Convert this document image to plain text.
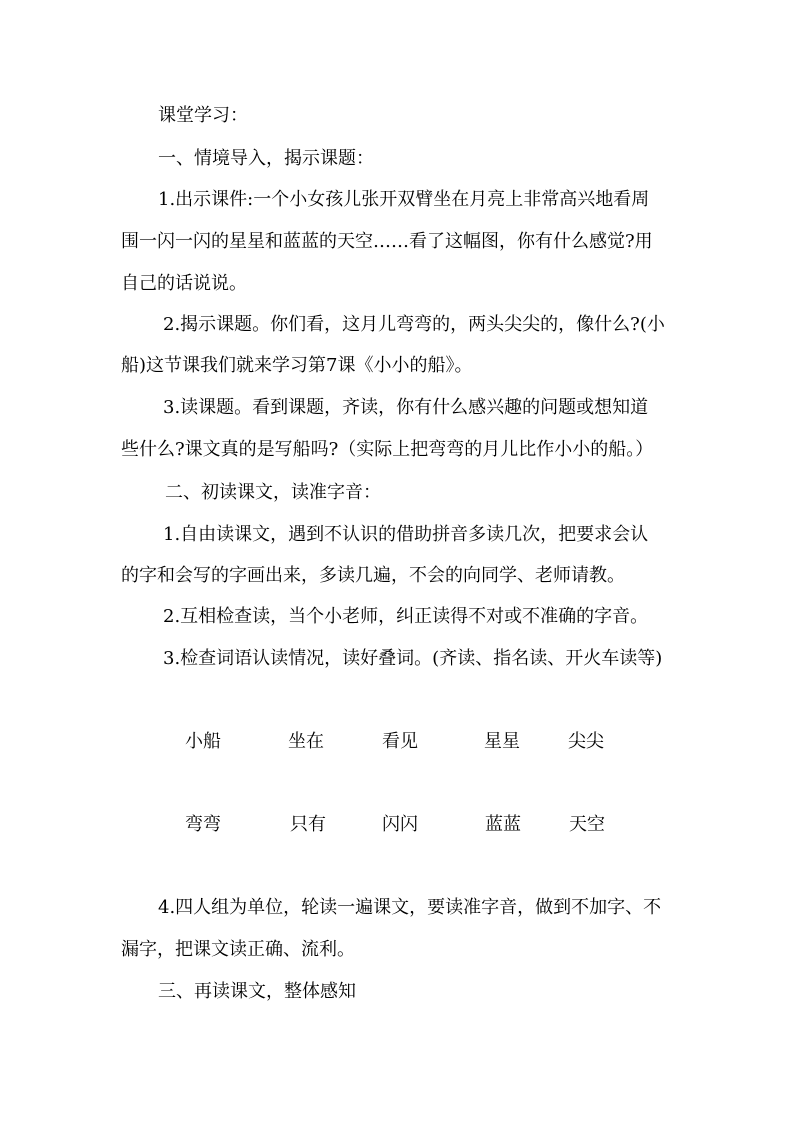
课堂学习：
一、情境导入，揭示课题：
1.出示课件:一个小女孩儿张开双臂坐在月亮上非常高兴地看周
围一闪一闪的星星和蓝蓝的天空……看了这幅图，你有什么感觉?用
自己的话说说。
2.揭示课题。你们看，这月儿弯弯的，两头尖尖的，像什么?(小
船)这节课我们就来学习第7课《小小的船》。
3.读课题。看到课题，齐读，你有什么感兴趣的问题或想知道
些什么?课文真的是写船吗?（实际上把弯弯的月儿比作小小的船。）
二、初读课文，读准字音：
1.自由读课文，遇到不认识的借助拼音多读几次，把要求会认
的字和会写的字画出来，多读几遍，不会的向同学、老师请教。
2.互相检查读，当个小老师，纠正读得不对或不准确的字音。
3.检查词语认读情况，读好叠词。(齐读、指名读、开火车读等)
小船	坐在	看见	星星	尖尖
弯弯	只有	闪闪	蓝蓝	天空
4.四人组为单位，轮读一遍课文，要读准字音，做到不加字、不
漏字，把课文读正确、流利。
三、再读课文，整体感知
